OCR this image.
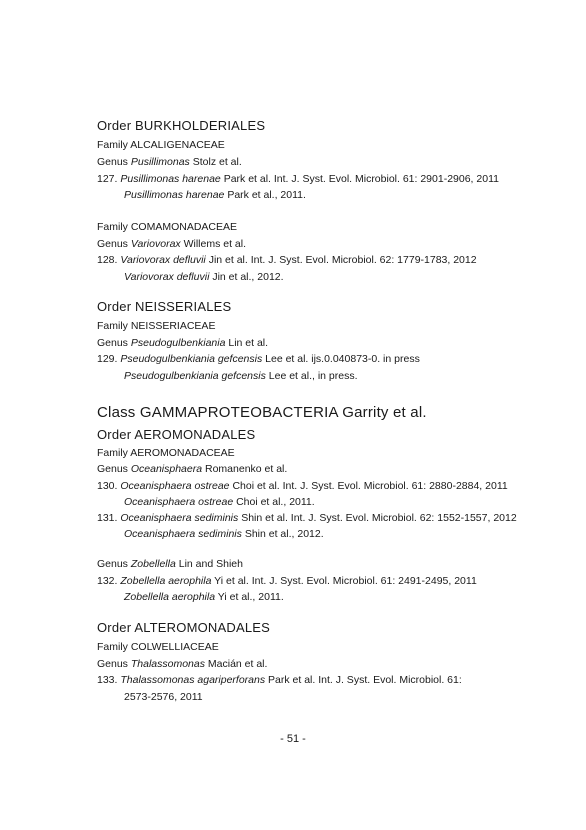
Order BURKHOLDERIALES
Family ALCALIGENACEAE
Genus Pusillimonas Stolz et al.
127. Pusillimonas harenae Park et al. Int. J. Syst. Evol. Microbiol. 61: 2901-2906, 2011
Pusillimonas harenae Park et al., 2011.
Family COMAMONADACEAE
Genus Variovorax Willems et al.
128. Variovorax defluvii Jin et al. Int. J. Syst. Evol. Microbiol. 62: 1779-1783, 2012
Variovorax defluvii Jin et al., 2012.
Order NEISSERIALES
Family NEISSERIACEAE
Genus Pseudogulbenkiania Lin et al.
129. Pseudogulbenkiania gefcensis Lee et al. ijs.0.040873-0. in press
Pseudogulbenkiania gefcensis Lee et al., in press.
Class GAMMAPROTEOBACTERIA Garrity et al.
Order AEROMONADALES
Family AEROMONADACEAE
Genus Oceanisphaera Romanenko et al.
130. Oceanisphaera ostreae Choi et al. Int. J. Syst. Evol. Microbiol. 61: 2880-2884, 2011
Oceanisphaera ostreae Choi et al., 2011.
131. Oceanisphaera sediminis Shin et al. Int. J. Syst. Evol. Microbiol. 62: 1552-1557, 2012
Oceanisphaera sediminis Shin et al., 2012.
Genus Zobellella Lin and Shieh
132. Zobellella aerophila Yi et al. Int. J. Syst. Evol. Microbiol. 61: 2491-2495, 2011
Zobellella aerophila Yi et al., 2011.
Order ALTEROMONADALES
Family COLWELLIACEAE
Genus Thalassomonas Macián et al.
133. Thalassomonas agariperforans Park et al. Int. J. Syst. Evol. Microbiol. 61:
2573-2576, 2011
- 51 -
